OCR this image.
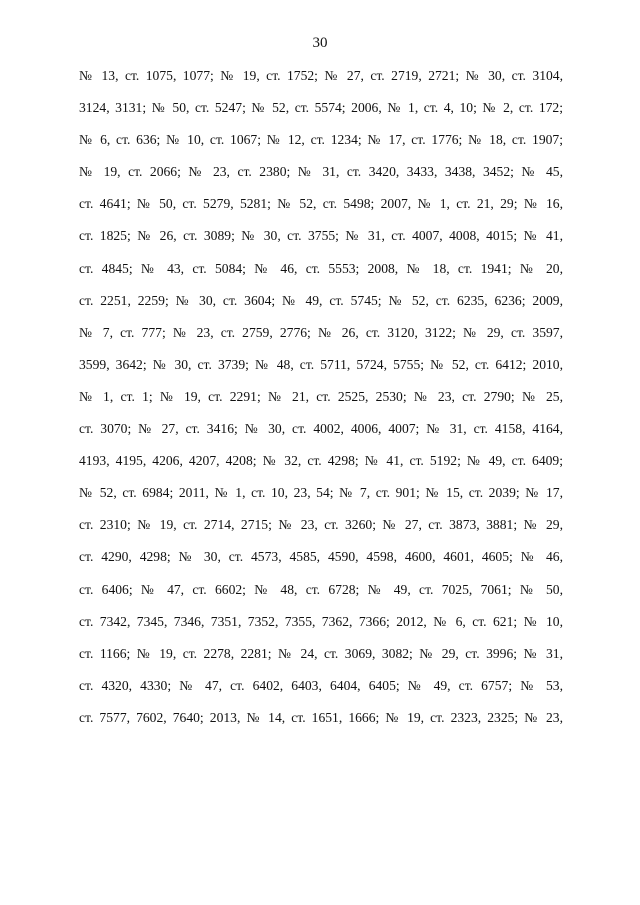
30
№ 13, ст. 1075, 1077; № 19, ст. 1752; № 27, ст. 2719, 2721; № 30, ст. 3104,
3124, 3131; № 50, ст. 5247; № 52, ст. 5574; 2006, № 1, ст. 4, 10; № 2, ст. 172;
№ 6, ст. 636; № 10, ст. 1067; № 12, ст. 1234; № 17, ст. 1776; № 18, ст. 1907;
№ 19, ст. 2066; № 23, ст. 2380; № 31, ст. 3420, 3433, 3438, 3452; № 45,
ст. 4641; № 50, ст. 5279, 5281; № 52, ст. 5498; 2007, № 1, ст. 21, 29; № 16,
ст. 1825; № 26, ст. 3089; № 30, ст. 3755; № 31, ст. 4007, 4008, 4015; № 41,
ст. 4845; № 43, ст. 5084; № 46, ст. 5553; 2008, № 18, ст. 1941; № 20,
ст. 2251, 2259; № 30, ст. 3604; № 49, ст. 5745; № 52, ст. 6235, 6236; 2009,
№ 7, ст. 777; № 23, ст. 2759, 2776; № 26, ст. 3120, 3122; № 29, ст. 3597,
3599, 3642; № 30, ст. 3739; № 48, ст. 5711, 5724, 5755; № 52, ст. 6412; 2010,
№ 1, ст. 1; № 19, ст. 2291; № 21, ст. 2525, 2530; № 23, ст. 2790; № 25,
ст. 3070; № 27, ст. 3416; № 30, ст. 4002, 4006, 4007; № 31, ст. 4158, 4164,
4193, 4195, 4206, 4207, 4208; № 32, ст. 4298; № 41, ст. 5192; № 49, ст. 6409;
№ 52, ст. 6984; 2011, № 1, ст. 10, 23, 54; № 7, ст. 901; № 15, ст. 2039; № 17,
ст. 2310; № 19, ст. 2714, 2715; № 23, ст. 3260; № 27, ст. 3873, 3881; № 29,
ст. 4290, 4298; № 30, ст. 4573, 4585, 4590, 4598, 4600, 4601, 4605; № 46,
ст. 6406; № 47, ст. 6602; № 48, ст. 6728; № 49, ст. 7025, 7061; № 50,
ст. 7342, 7345, 7346, 7351, 7352, 7355, 7362, 7366; 2012, № 6, ст. 621; № 10,
ст. 1166; № 19, ст. 2278, 2281; № 24, ст. 3069, 3082; № 29, ст. 3996; № 31,
ст. 4320, 4330; № 47, ст. 6402, 6403, 6404, 6405; № 49, ст. 6757; № 53,
ст. 7577, 7602, 7640; 2013, № 14, ст. 1651, 1666; № 19, ст. 2323, 2325; № 23,
